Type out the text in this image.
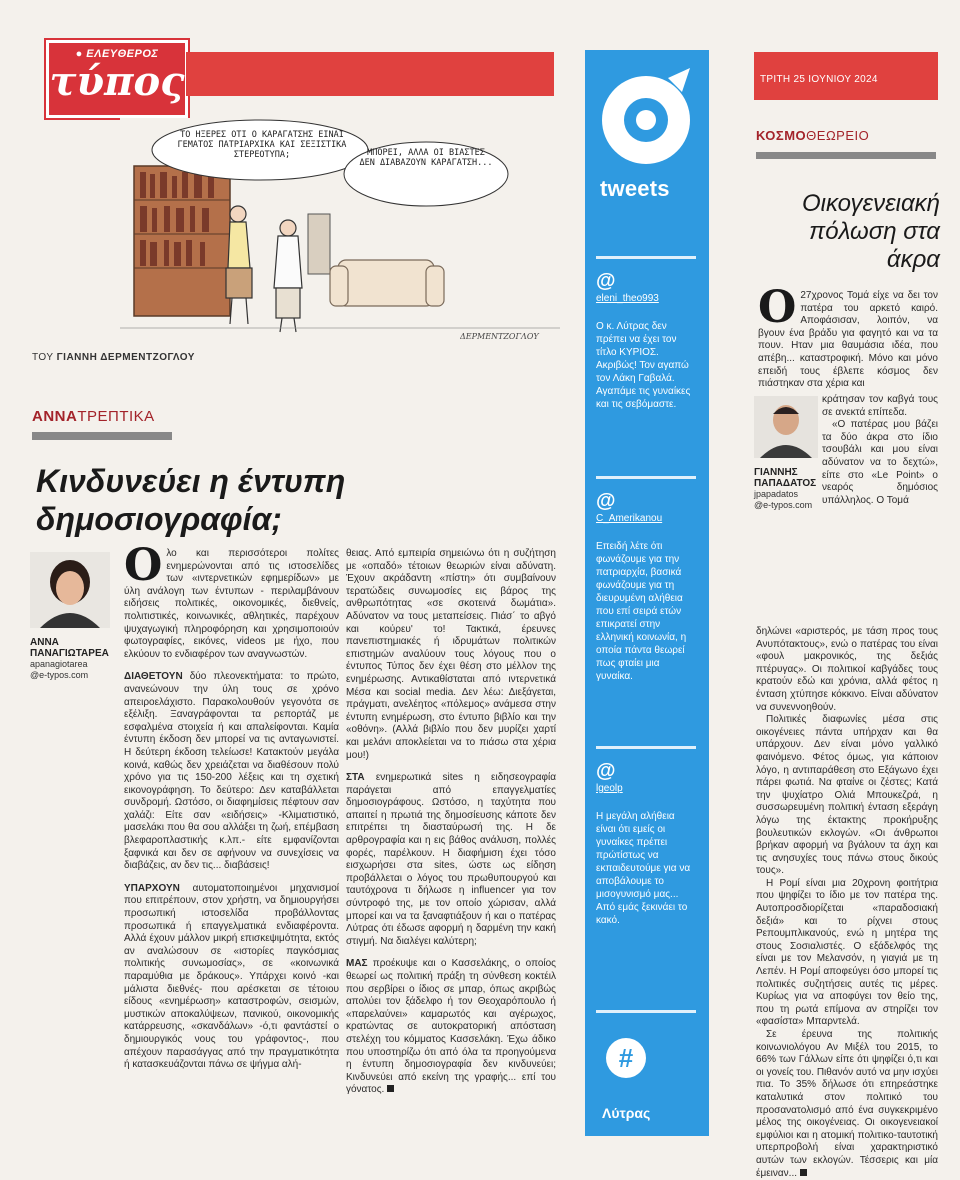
● ΕΛΕΥΘΕΡΟΣ
τύπος	ΤΡΙΤΗ 25 ΙΟΥΝΙΟΥ 2024
ΤΟ ΗΞΕΡΕΣ ΟΤΙ Ο ΚΑΡΑΓΑΤΣΗΣ ΕΙΝΑΙ ΓΕΜΑΤΟΣ ΠΑΤΡΙΑΡΧΙΚΑ ΚΑΙ ΣΕΞΙΣΤΙΚΑ ΣΤΕΡΕΟΤΥΠΑ;	ΜΠΟΡΕΙ, ΑΛΛΑ ΟΙ ΒΙΑΣΤΕΣ ΔΕΝ ΔΙΑΒΑΖΟΥΝ ΚΑΡΑΓΑΤΣΗ...
ΔΕΡΜΕΝΤΖΟΓΛΟΥ
ΤΟΥ ΓΙΑΝΝΗ ΔΕΡΜΕΝΤΖΟΓΛΟΥ
ΑΝΝΑΤΡΕΠΤΙΚΑ
Κινδυνεύει η έντυπη δημοσιογραφία;
ΑΝΝΑ ΠΑΝΑΓΙΩΤΑΡΕΑ
apanagiotarea
@e-typos.com

Ολο και περισσότεροι πολίτες ενημερώνονται από τις ιστοσελίδες των «ιντερνετικών εφημερίδων» με ύλη ανάλογη των έντυπων - περιλαμβάνουν ειδήσεις πολιτικές, οικονομικές, διεθνείς, πολιτιστικές, κοινωνικές, αθλητικές, παρέχουν ψυχαγωγική πληροφόρηση και χρησιμοποιούν φωτογραφίες, εικόνες, videos με ήχο, που ελκύουν το ενδιαφέρον των αναγνωστών.

ΔΙΑΘΕΤΟΥΝ δύο πλεονεκτήματα: το πρώτο, ανανεώνουν την ύλη τους σε χρόνο απειροελάχιστο. Παρακολουθούν γεγονότα σε εξέλιξη. Ξαναγράφονται τα ρεπορτάζ με εσφαλμένα στοιχεία ή και απαλείφονται. Καμία έντυπη έκδοση δεν μπορεί να τις ανταγωνιστεί. Η δεύτερη έκδοση τελείωσε! Κατακτούν μεγάλα κοινά, καθώς δεν χρειάζεται να διαθέσουν πολύ χρόνο για τις 150-200 λέξεις και τη σχετική εικονογράφηση. Το δεύτερο: Δεν καταβάλλεται συνδρομή. Ωστόσο, οι διαφημίσεις πέφτουν σαν χαλάζι: Είτε σαν «ειδήσεις» -Κλιματιστικό, μασελάκι που θα σου αλλάξει τη ζωή, επέμβαση βλεφαροπλαστικής κ.λπ.- είτε εμφανίζονται ξαφνικά και δεν σε αφήνουν να συνεχίσεις να διαβάζεις, αν δεν τις... διαβάσεις!

ΥΠΑΡΧΟΥΝ αυτοματοποιημένοι μηχανισμοί που επιτρέπουν, στον χρήστη, να δημιουργήσει προσωπική ιστοσελίδα προβάλλοντας προσωπικά ή επαγγελματικά ενδιαφέροντα. Αλλά έχουν μάλλον μικρή επισκεψιμότητα, εκτός αν αναλώσουν σε «ιστορίες παγκόσμιας πολιτικής συνωμοσίας», σε «κοινωνικά παραμύθια με δράκους». Υπάρχει κοινό -και μάλιστα διεθνές- που αρέσκεται σε τέτοιου είδους «ενημέρωση» καταστροφών, σεισμών, μυστικών αποκαλύψεων, πανικού, οικονομικής κατάρρευσης, «σκανδάλων» -ό,τι φαντάστεί ο δημιουργικός νους του γράφοντος-, που απέχουν παρασάγγας από την πραγματικότητα ή κατασκευάζονται πάνω σε ψήγμα αλή-

θειας. Από εμπειρία σημειώνω ότι η συζήτηση με «οπαδό» τέτοιων θεωριών είναι αδύνατη. Έχουν ακράδαντη «πίστη» ότι συμβαίνουν τερατώδεις συνωμοσίες εις βάρος της ανθρωπότητας «σε σκοτεινά δωμάτια». Αδύνατον να τους μεταπείσεις. Πιάσ΄ το αβγό και κούρευ' το! Τακτικά, έρευνες πανεπιστημιακές ή ιδρυμάτων πολιτικών επιστημών αναλύουν τους λόγους που ο έντυπος Τύπος δεν έχει θέση στο μέλλον της ενημέρωσης. Αντικαθίσταται από ιντερνετικά Μέσα και social media. Δεν λέω: Διεξάγεται, πράγματι, ανελέητος «πόλεμος» ανάμεσα στην έντυπη ενημέρωση, στο έντυπο βιβλίο και την «οθόνη». (Αλλά βιβλίο που δεν μυρίζει χαρτί και μελάνι αποκλείεται να το πιάσω στα χέρια μου!)

ΣΤΑ ενημερωτικά sites η ειδησεογραφία παράγεται από επαγγελματίες δημοσιογράφους. Ωστόσο, η ταχύτητα που απαιτεί η πρωτιά της δημοσίευσης κάποτε δεν επιτρέπει τη διασταύρωσή της. Η δε αρθρογραφία και η εις βάθος ανάλυση, πολλές φορές, παρέλκουν. Η διαφήμιση έχει τόσο εισχωρήσει στα sites, ώστε ως είδηση προβάλλεται ο λόγος του πρωθυπουργού και ταυτόχρονα τι δήλωσε η influencer για τον σύντροφό της, με τον οποίο χώρισαν, αλλά μπορεί και να τα ξαναφτιάξουν ή και ο πατέρας Λύτρας ότι έδωσε αφορμή η δαρμένη την κακή στιγμή. Να διαλέγει καλύτερη;

ΜΑΣ προέκυψε και ο Κασσελάκης, ο οποίος θεωρεί ως πολιτική πράξη τη σύνθεση κοκτέιλ που σερβίρει ο ίδιος σε μπαρ, όπως ακριβώς απολύει τον ξάδελφο ή τον Θεοχαρόπουλο ή «παρελαύνει» καμαρωτός και αγέρωχος, κρατώντας σε αυτοκρατορική απόσταση στελέχη του κόμματος Κασσελάκη. Έχω άδικο που υποστηρίζω ότι από όλα τα προηγούμενα η έντυπη δημοσιογραφία δεν κινδυνεύει; Κινδυνεύει από εκείνη της γραφής... επί του γόνατος.

tweets
@
eleni_theo993
Ο κ. Λύτρας δεν πρέπει να έχει τον τίτλο ΚΥΡΙΟΣ. Ακριβώς! Τον αγαπώ τον Λάκη Γαβαλά. Αγαπάμε τις γυναίκες και τις σεβόμαστε.
@
C_Amerikanou
Επειδή λέτε ότι φωνάζουμε για την πατριαρχία, βασικά φωνάζουμε για τη διευρυμένη αλήθεια που επί σειρά ετών επικρατεί στην ελληνική κοινωνία, η οποία πάντα θεωρεί πως φταίει μια γυναίκα.
@
lgeolp
Η μεγάλη αλήθεια είναι ότι εμείς οι γυναίκες πρέπει πρώτίστως να εκπαιδευτούμε για να αποβάλουμε το μισογυνισμό μας... Από εμάς ξεκινάει το κακό.
#
Λύτρας
ΚΟΣΜΟΘΕΩΡΕΙΟ
Οικογενειακή πόλωση στα άκρα
Ο 27χρονος Τομά είχε να δει τον πατέρα του αρκετό καιρό. Αποφάσισαν, λοιπόν, να βγουν ένα βράδυ για φαγητό και να τα πουν. Ηταν μια θαυμάσια ιδέα, που απέβη... καταστροφική. Μόνο και μόνο επειδή τους έβλεπε κόσμος δεν πιάστηκαν στα χέρια και
ΓΙΑΝΝΗΣ ΠΑΠΑΔΑΤΟΣ
jpapadatos
@e-typos.com

κράτησαν τον καβγά τους σε ανεκτά επίπεδα.

«Ο πατέρας μου βάζει τα δύο άκρα στο ίδιο τσουβάλι και μου είναι αδύνατον να το δεχτώ», είπε στο «Le Point» ο νεαρός δημόσιος υπάλληλος. Ο Τομά

δηλώνει «αριστερός, με τάση προς τους Ανυπότακτους», ενώ ο πατέρας του είναι «φουλ μακρονικός, της δεξιάς πτέρυγας». Οι πολιτικοί καβγάδες τους κρατούν εδώ και χρόνια, αλλά φέτος η ένταση χτύπησε κόκκινο. Είναι αδύνατον να συνεννοηθούν.

Πολιτικές διαφωνίες μέσα στις οικογένειες πάντα υπήρχαν και θα υπάρχουν. Δεν είναι μόνο γαλλικό φαινόμενο. Φέτος όμως, για κάποιον λόγο, η αντιπαράθεση στο Εξάγωνο έχει πάρει φωτιά. Να φταίνε οι ζέστες; Κατά την ψυχίατρο Ολιά Μπουκεζρά, η συσσωρευμένη πολιτική ένταση εξεράγη λόγω της έκτακτης προκήρυξης βουλευτικών εκλογών. «Οι άνθρωποι βρήκαν αφορμή να βγάλουν τα άχη και τις ανησυχίες τους πάνω στους δικούς τους».

Η Ρομί είναι μια 20χρονη φοιτήτρια που ψηφίζει το ίδιο με τον πατέρα της. Αυτοπροσδιορίζεται «παραδοσιακή δεξιά» και το ρίχνει στους Ρεπουμπλικανούς, ενώ η μητέρα της στους Σοσιαλιστές. Ο εξάδελφός της είναι με τον Μελανσόν, η γιαγιά με τη Λεπέν. Η Ρομί αποφεύγει όσο μπορεί τις πολιτικές συζητήσεις αυτές τις μέρες. Κυρίως για να αποφύγει τον θείο της, που τη ρωτά επίμονα αν στηρίζει τον «φασίστα» Μπαρντελά.

Σε έρευνα της πολιτικής κοινωνιολόγου Αν Μιξέλ του 2015, το 66% των Γάλλων είπε ότι ψηφίζει ό,τι και οι γονείς του. Πιθανόν αυτό να μην ισχύει πια. Το 35% δήλωσε ότι επηρεάστηκε καταλυτικά στον πολιτικό του προσανατολισμό από ένα συγκεκριμένο μέλος της οικογένειας. Οι οικογενειακοί εμφύλιοι και η ατομική πολιτικο-ταυτοτική υπερπροβολή είναι χαρακτηριστικό αυτών των εκλογών. Τέσσερις και μία έμειναν...
